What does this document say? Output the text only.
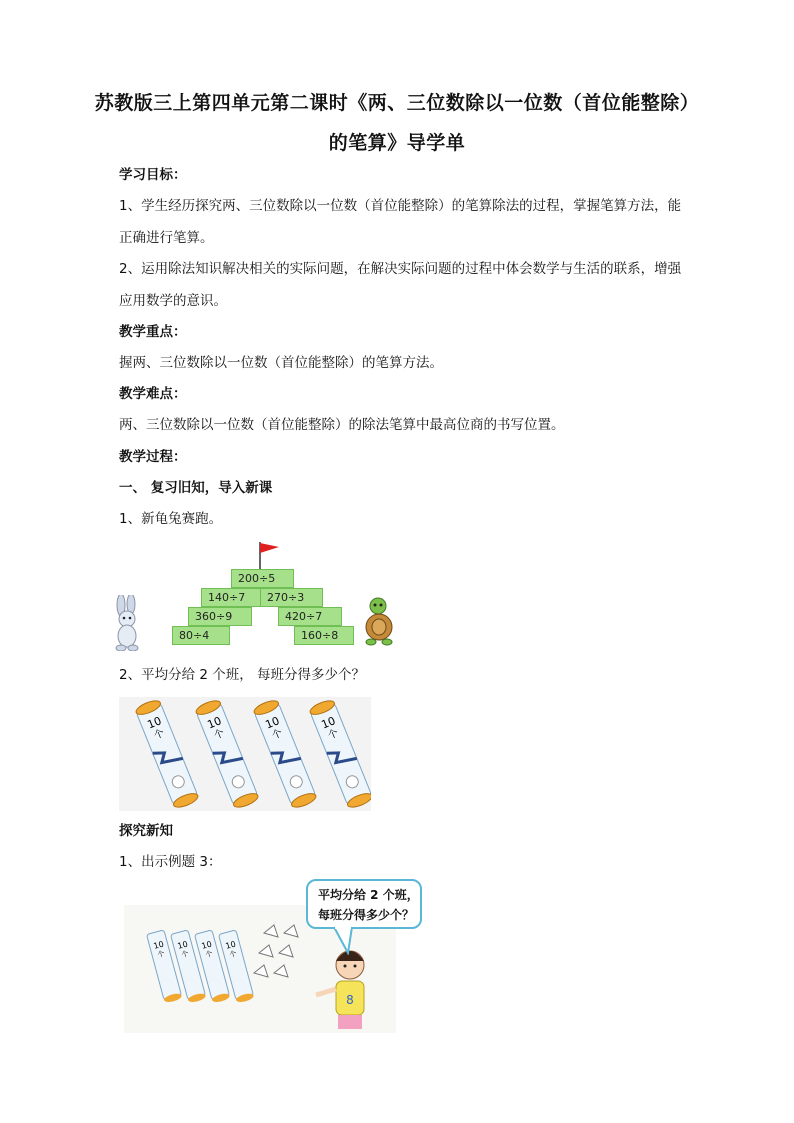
苏教版三上第四单元第二课时《两、三位数除以一位数（首位能整除）
的笔算》导学单
学习目标：
1、学生经历探究两、三位数除以一位数（首位能整除）的笔算除法的过程，掌握笔算方法，能
正确进行笔算。
2、运用除法知识解决相关的实际问题，在解决实际问题的过程中体会数学与生活的联系，增强
应用数学的意识。
教学重点：
握两、三位数除以一位数（首位能整除）的笔算方法。
教学难点：
两、三位数除以一位数（首位能整除）的除法笔算中最高位商的书写位置。
教学过程：
一、 复习旧知，导入新课
1、新龟兔赛跑。
200÷5
140÷7	270÷3
360÷9	420÷7
80÷4	160÷8
2、平均分给 2 个班， 每班分得多少个？
10
个
10
个
10
个
10
个
探究新知
1、出示例题 3：
10
个
10
个
10
个
10
个
8
平均分给 2 个班，
每班分得多少个？
